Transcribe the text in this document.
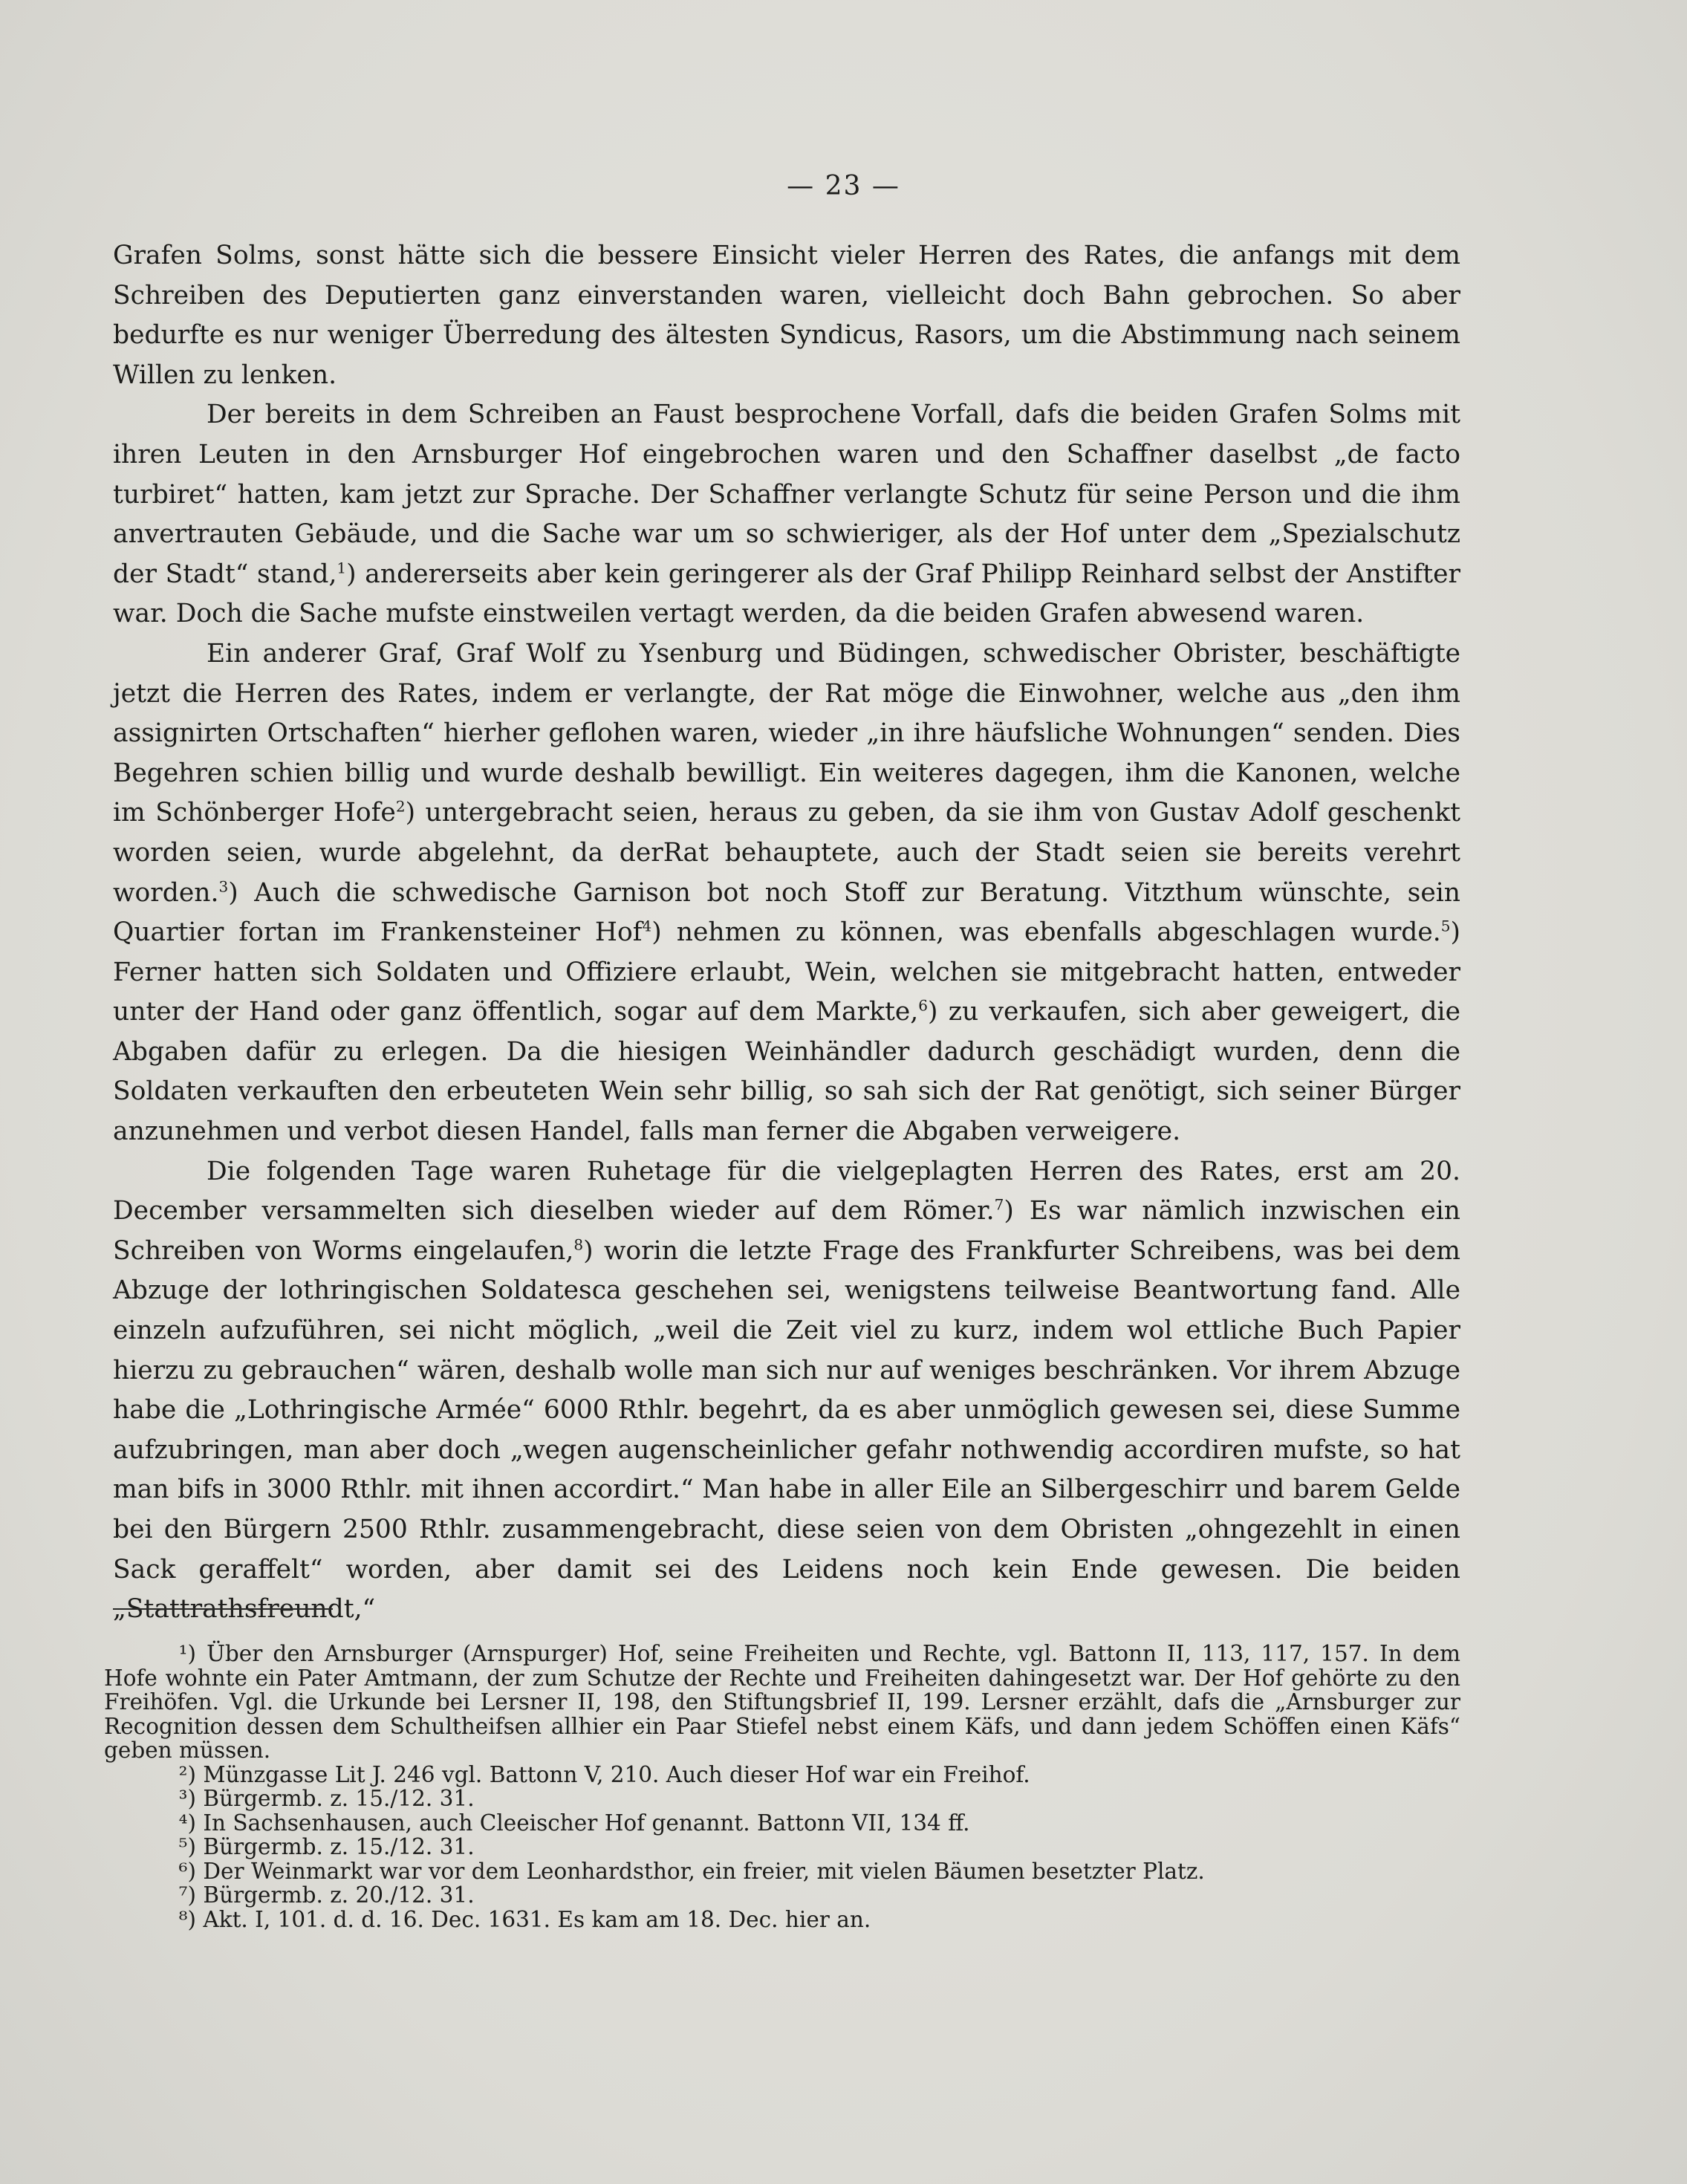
— 23 —

Grafen Solms, sonst hätte sich die bessere Einsicht vieler Herren des Rates, die anfangs mit dem Schreiben des Deputierten ganz einverstanden waren, vielleicht doch Bahn gebrochen. So aber bedurfte es nur weniger Überredung des ältesten Syndicus, Rasors, um die Abstimmung nach seinem Willen zu lenken.

Der bereits in dem Schreiben an Faust besprochene Vorfall, dafs die beiden Grafen Solms mit ihren Leuten in den Arnsburger Hof eingebrochen waren und den Schaffner daselbst „de facto turbiret“ hatten, kam jetzt zur Sprache. Der Schaffner verlangte Schutz für seine Person und die ihm anvertrauten Gebäude, und die Sache war um so schwieriger, als der Hof unter dem „Spezialschutz der Stadt“ stand,$^1$) andererseits aber kein geringerer als der Graf Philipp Reinhard selbst der Anstifter war. Doch die Sache mufste einstweilen vertagt werden, da die beiden Grafen abwesend waren.

Ein anderer Graf, Graf Wolf zu Ysenburg und Büdingen, schwedischer Obrister, beschäftigte jetzt die Herren des Rates, indem er verlangte, der Rat möge die Einwohner, welche aus „den ihm assignirten Ortschaften“ hierher geflohen waren, wieder „in ihre häufsliche Wohnungen“ senden. Dies Begehren schien billig und wurde deshalb bewilligt. Ein weiteres dagegen, ihm die Kanonen, welche im Schönberger Hofe$^2$) untergebracht seien, heraus zu geben, da sie ihm von Gustav Adolf geschenkt worden seien, wurde abgelehnt, da derRat behauptete, auch der Stadt seien sie bereits verehrt worden.$^3$) Auch die schwedische Garnison bot noch Stoff zur Beratung. Vitzthum wünschte, sein Quartier fortan im Frankensteiner Hof$^4$) nehmen zu können, was ebenfalls abgeschlagen wurde.$^5$) Ferner hatten sich Soldaten und Offiziere erlaubt, Wein, welchen sie mitgebracht hatten, entweder unter der Hand oder ganz öffentlich, sogar auf dem Markte,$^6$) zu verkaufen, sich aber geweigert, die Abgaben dafür zu erlegen. Da die hiesigen Weinhändler dadurch geschädigt wurden, denn die Soldaten verkauften den erbeuteten Wein sehr billig, so sah sich der Rat genötigt, sich seiner Bürger anzunehmen und verbot diesen Handel, falls man ferner die Abgaben verweigere.

Die folgenden Tage waren Ruhetage für die vielgeplagten Herren des Rates, erst am 20. December versammelten sich dieselben wieder auf dem Römer.$^7$) Es war nämlich inzwischen ein Schreiben von Worms eingelaufen,$^8$) worin die letzte Frage des Frankfurter Schreibens, was bei dem Abzuge der lothringischen Soldatesca geschehen sei, wenigstens teilweise Beantwortung fand. Alle einzeln aufzuführen, sei nicht möglich, „weil die Zeit viel zu kurz, indem wol ettliche Buch Papier hierzu zu gebrauchen“ wären, deshalb wolle man sich nur auf weniges beschränken. Vor ihrem Abzuge habe die „Lothringische Armée“ 6000 Rthlr. begehrt, da es aber unmöglich gewesen sei, diese Summe aufzubringen, man aber doch „wegen augenscheinlicher gefahr nothwendig accordiren mufste, so hat man bifs in 3000 Rthlr. mit ihnen accordirt.“ Man habe in aller Eile an Silbergeschirr und barem Gelde bei den Bürgern 2500 Rthlr. zusammengebracht, diese seien von dem Obristen „ohngezehlt in einen Sack geraffelt“ worden, aber damit sei des Leidens noch kein Ende gewesen. Die beiden „Stattrathsfreundt,“

¹) Über den Arnsburger (Arnspurger) Hof, seine Freiheiten und Rechte, vgl. Battonn II, 113, 117, 157. In dem Hofe wohnte ein Pater Amtmann, der zum Schutze der Rechte und Freiheiten dahingesetzt war. Der Hof gehörte zu den Freihöfen. Vgl. die Urkunde bei Lersner II, 198, den Stiftungsbrief II, 199. Lersner erzählt, dafs die „Arnsburger zur Recognition dessen dem Schultheifsen allhier ein Paar Stiefel nebst einem Käfs, und dann jedem Schöffen einen Käfs“ geben müssen.

²) Münzgasse Lit J. 246 vgl. Battonn V, 210. Auch dieser Hof war ein Freihof.

³) Bürgermb. z. 15./12. 31.

⁴) In Sachsenhausen, auch Cleeischer Hof genannt. Battonn VII, 134 ff.

⁵) Bürgermb. z. 15./12. 31.

⁶) Der Weinmarkt war vor dem Leonhardsthor, ein freier, mit vielen Bäumen besetzter Platz.

⁷) Bürgermb. z. 20./12. 31.

⁸) Akt. I, 101. d. d. 16. Dec. 1631. Es kam am 18. Dec. hier an.
